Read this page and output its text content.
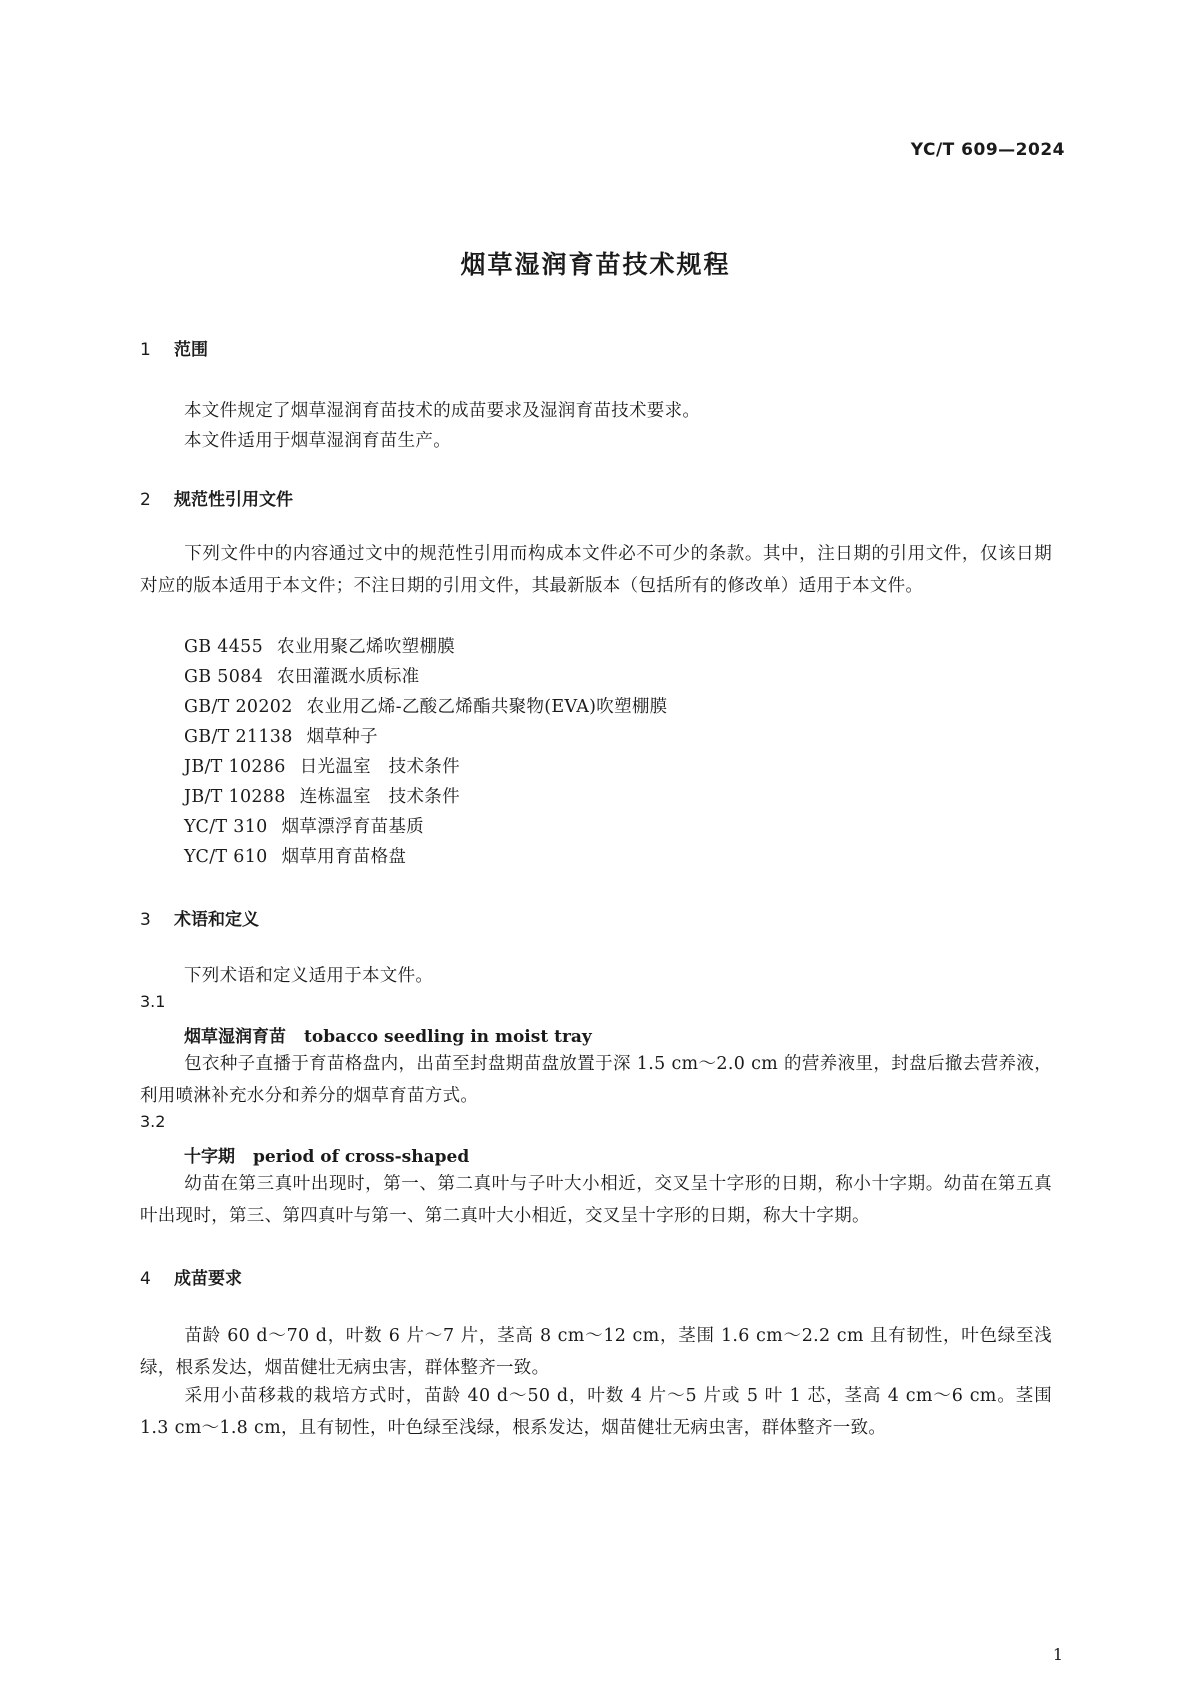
YC/T 609—2024
烟草湿润育苗技术规程
1 范围
本文件规定了烟草湿润育苗技术的成苗要求及湿润育苗技术要求。
本文件适用于烟草湿润育苗生产。
2 规范性引用文件
下列文件中的内容通过文中的规范性引用而构成本文件必不可少的条款。其中，注日期的引用文件，仅该日期对应的版本适用于本文件；不注日期的引用文件，其最新版本（包括所有的修改单）适用于本文件。
GB 4455 农业用聚乙烯吹塑棚膜
GB 5084 农田灌溉水质标准
GB/T 20202 农业用乙烯-乙酸乙烯酯共聚物(EVA)吹塑棚膜
GB/T 21138 烟草种子
JB/T 10286 日光温室　技术条件
JB/T 10288 连栋温室　技术条件
YC/T 310 烟草漂浮育苗基质
YC/T 610 烟草用育苗格盘
3 术语和定义
下列术语和定义适用于本文件。
3.1
烟草湿润育苗 tobacco seedling in moist tray
包衣种子直播于育苗格盘内，出苗至封盘期苗盘放置于深 1.5 cm～2.0 cm 的营养液里，封盘后撤去营养液，利用喷淋补充水分和养分的烟草育苗方式。
3.2
十字期 period of cross-shaped
幼苗在第三真叶出现时，第一、第二真叶与子叶大小相近，交叉呈十字形的日期，称小十字期。幼苗在第五真叶出现时，第三、第四真叶与第一、第二真叶大小相近，交叉呈十字形的日期，称大十字期。
4 成苗要求
苗龄 60 d～70 d，叶数 6 片～7 片，茎高 8 cm～12 cm，茎围 1.6 cm～2.2 cm 且有韧性，叶色绿至浅绿，根系发达，烟苗健壮无病虫害，群体整齐一致。
采用小苗移栽的栽培方式时，苗龄 40 d～50 d，叶数 4 片～5 片或 5 叶 1 芯，茎高 4 cm～6 cm。茎围 1.3 cm～1.8 cm，且有韧性，叶色绿至浅绿，根系发达，烟苗健壮无病虫害，群体整齐一致。
1
